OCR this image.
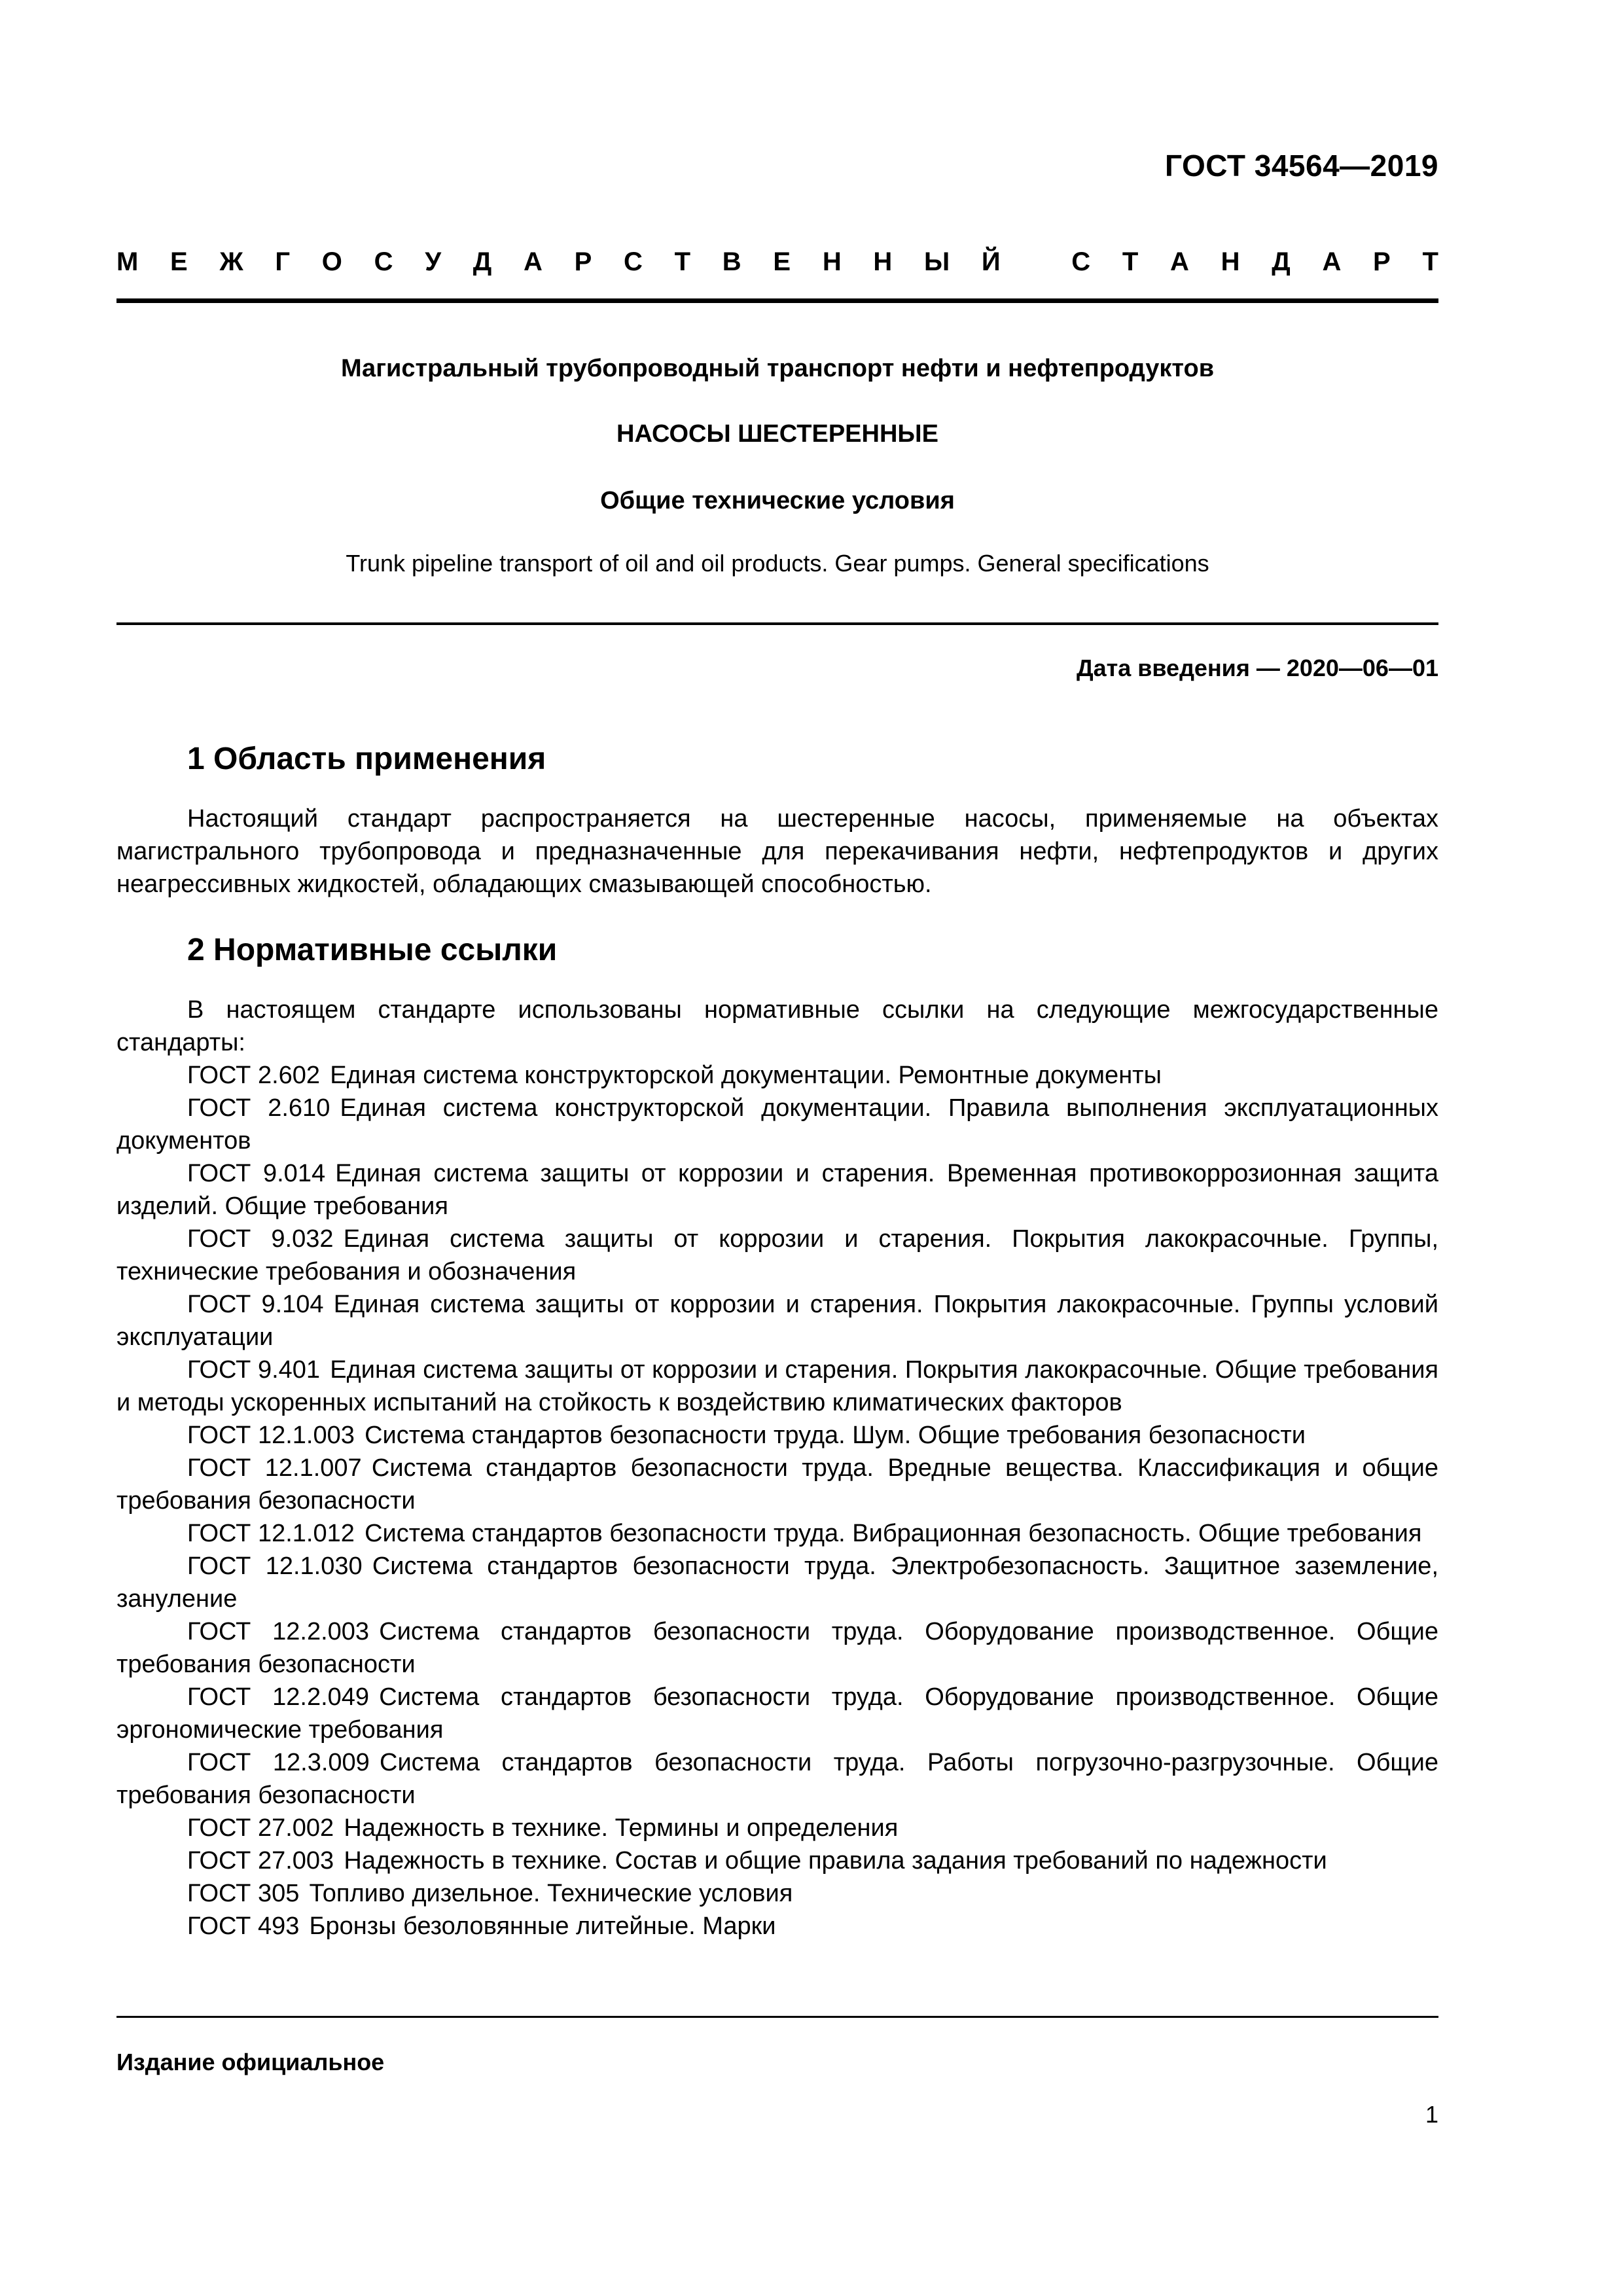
ГОСТ 34564—2019
М Е Ж Г О С У Д А Р С Т В Е Н Н Ы Й
	С Т А Н Д А Р Т
Магистральный трубопроводный транспорт нефти и нефтепродуктов
НАСОСЫ ШЕСТЕРЕННЫЕ
Общие технические условия
Trunk pipeline transport of oil and oil products. Gear pumps. General specifications
Дата введения — 2020—06—01
1 Область применения

Настоящий стандарт распространяется на шестеренные насосы, применяемые на объектах магистрального трубопровода и предназначенные для перекачивания нефти, нефтепродуктов и других неагрессивных жидкостей, обладающих смазывающей способностью.

2 Нормативные ссылки

В настоящем стандарте использованы нормативные ссылки на следующие межгосударственные стандарты:

ГОСТ 2.602 Единая система конструкторской документации. Ремонтные документы

ГОСТ 2.610 Единая система конструкторской документации. Правила выполнения эксплуатационных документов

ГОСТ 9.014 Единая система защиты от коррозии и старения. Временная противокоррозионная защита изделий. Общие требования

ГОСТ 9.032 Единая система защиты от коррозии и старения. Покрытия лакокрасочные. Группы, технические требования и обозначения

ГОСТ 9.104 Единая система защиты от коррозии и старения. Покрытия лакокрасочные. Группы условий эксплуатации

ГОСТ 9.401 Единая система защиты от коррозии и старения. Покрытия лакокрасочные. Общие требования и методы ускоренных испытаний на стойкость к воздействию климатических факторов

ГОСТ 12.1.003 Система стандартов безопасности труда. Шум. Общие требования безопасности

ГОСТ 12.1.007 Система стандартов безопасности труда. Вредные вещества. Классификация и общие требования безопасности

ГОСТ 12.1.012 Система стандартов безопасности труда. Вибрационная безопасность. Общие требования

ГОСТ 12.1.030 Система стандартов безопасности труда. Электробезопасность. Защитное заземление, зануление

ГОСТ 12.2.003 Система стандартов безопасности труда. Оборудование производственное. Общие требования безопасности

ГОСТ 12.2.049 Система стандартов безопасности труда. Оборудование производственное. Общие эргономические требования

ГОСТ 12.3.009 Система стандартов безопасности труда. Работы погрузочно-разгрузочные. Общие требования безопасности

ГОСТ 27.002 Надежность в технике. Термины и определения

ГОСТ 27.003 Надежность в технике. Состав и общие правила задания требований по надежности

ГОСТ 305 Топливо дизельное. Технические условия

ГОСТ 493 Бронзы безоловянные литейные. Марки

Издание официальное
1
